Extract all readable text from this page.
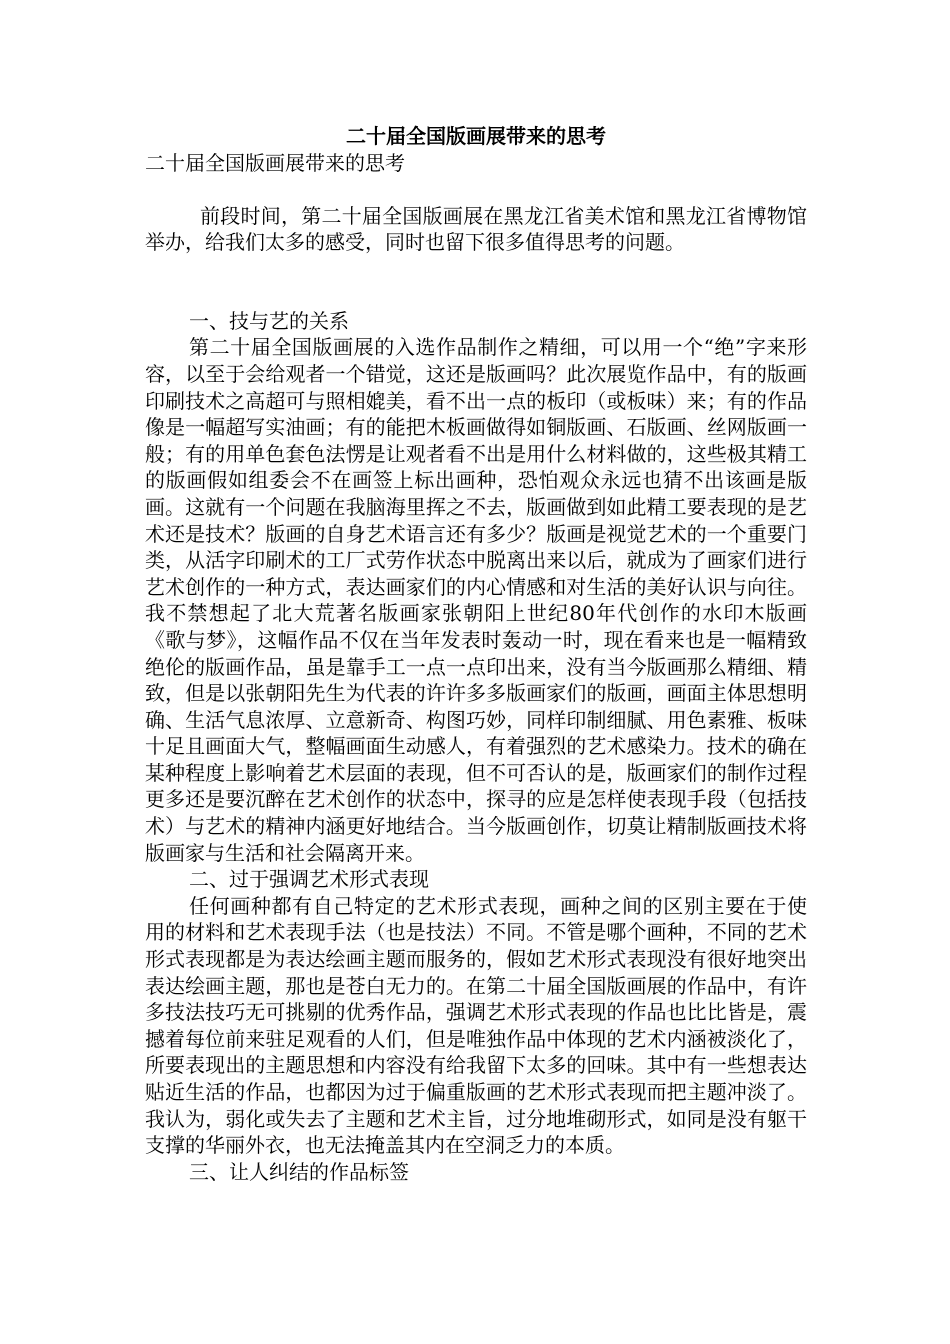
二十届全国版画展带来的思考

二十届全国版画展带来的思考

前段时间，第二十届全国版画展在黑龙江省美术馆和黑龙江省博物馆举办，给我们太多的感受，同时也留下很多值得思考的问题。

一、技与艺的关系

第二十届全国版画展的入选作品制作之精细，可以用一个“绝”字来形容，以至于会给观者一个错觉，这还是版画吗？此次展览作品中，有的版画印刷技术之高超可与照相媲美，看不出一点的板印（或板味）来；有的作品像是一幅超写实油画；有的能把木板画做得如铜版画、石版画、丝网版画一般；有的用单色套色法愣是让观者看不出是用什么材料做的，这些极其精工的版画假如组委会不在画签上标出画种，恐怕观众永远也猜不出该画是版画。这就有一个问题在我脑海里挥之不去，版画做到如此精工要表现的是艺术还是技术？版画的自身艺术语言还有多少？版画是视觉艺术的一个重要门类，从活字印刷术的工厂式劳作状态中脱离出来以后，就成为了画家们进行艺术创作的一种方式，表达画家们的内心情感和对生活的美好认识与向往。我不禁想起了北大荒著名版画家张朝阳上世纪80年代创作的水印木版画《歌与梦》，这幅作品不仅在当年发表时轰动一时，现在看来也是一幅精致绝伦的版画作品，虽是靠手工一点一点印出来，没有当今版画那么精细、精致，但是以张朝阳先生为代表的许许多多版画家们的版画，画面主体思想明确、生活气息浓厚、立意新奇、构图巧妙，同样印制细腻、用色素雅、板味十足且画面大气，整幅画面生动感人，有着强烈的艺术感染力。技术的确在某种程度上影响着艺术层面的表现，但不可否认的是，版画家们的制作过程更多还是要沉醉在艺术创作的状态中，探寻的应是怎样使表现手段（包括技术）与艺术的精神内涵更好地结合。当今版画创作，切莫让精制版画技术将版画家与生活和社会隔离开来。

二、过于强调艺术形式表现

任何画种都有自己特定的艺术形式表现，画种之间的区别主要在于使用的材料和艺术表现手法（也是技法）不同。不管是哪个画种，不同的艺术形式表现都是为表达绘画主题而服务的，假如艺术形式表现没有很好地突出表达绘画主题，那也是苍白无力的。在第二十届全国版画展的作品中，有许多技法技巧无可挑剔的优秀作品，强调艺术形式表现的作品也比比皆是，震撼着每位前来驻足观看的人们，但是唯独作品中体现的艺术内涵被淡化了，所要表现出的主题思想和内容没有给我留下太多的回味。其中有一些想表达贴近生活的作品，也都因为过于偏重版画的艺术形式表现而把主题冲淡了。我认为，弱化或失去了主题和艺术主旨，过分地堆砌形式，如同是没有躯干支撑的华丽外衣，也无法掩盖其内在空洞乏力的本质。

三、让人纠结的作品标签
